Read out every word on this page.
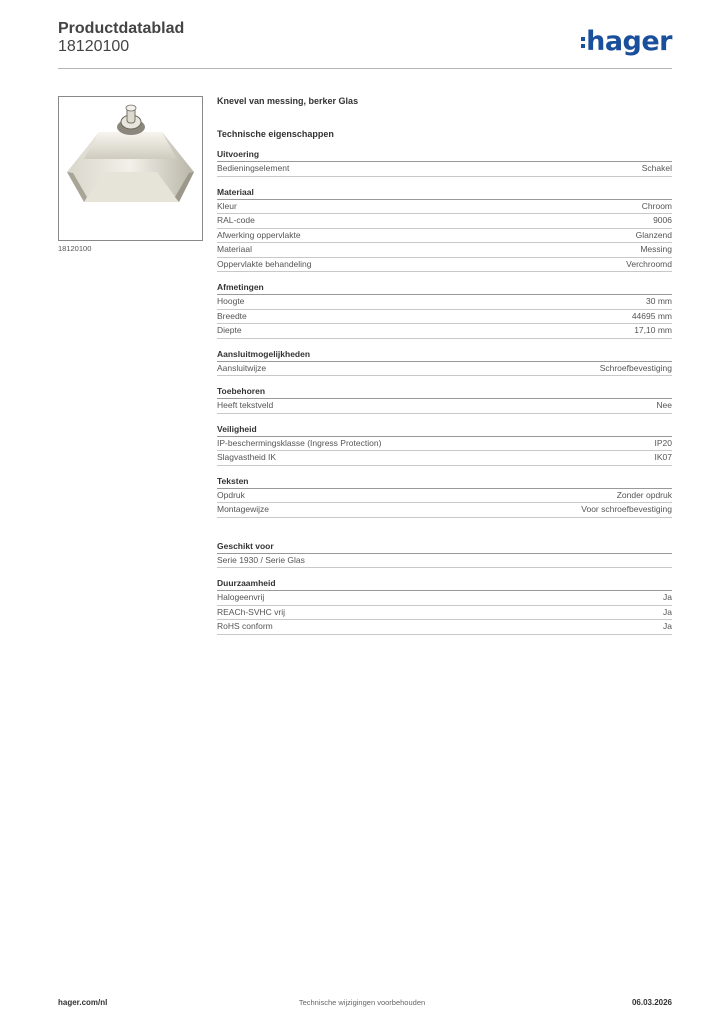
Productdatablad
18120100	hager
18120100
Knevel van messing, berker Glas
Technische eigenschappen
Uitvoering
Bedieningselement	Schakel
Materiaal
Kleur	Chroom
RAL-code	9006
Afwerking oppervlakte	Glanzend
Materiaal	Messing
Oppervlakte behandeling	Verchroomd
Afmetingen
Hoogte	30 mm
Breedte	44695 mm
Diepte	17,10 mm
Aansluitmogelijkheden
Aansluitwijze	Schroefbevestiging
Toebehoren
Heeft tekstveld	Nee
Veiligheid
IP-beschermingsklasse (Ingress Protection)	IP20
Slagvastheid IK	IK07
Teksten
Opdruk	Zonder opdruk
Montagewijze	Voor schroefbevestiging
Geschikt voor
Serie 1930 / Serie Glas
Duurzaamheid
Halogeenvrij	Ja
REACh-SVHC vrij	Ja
RoHS conform	Ja
hager.com/nl	Technische wijzigingen voorbehouden	06.03.2026
